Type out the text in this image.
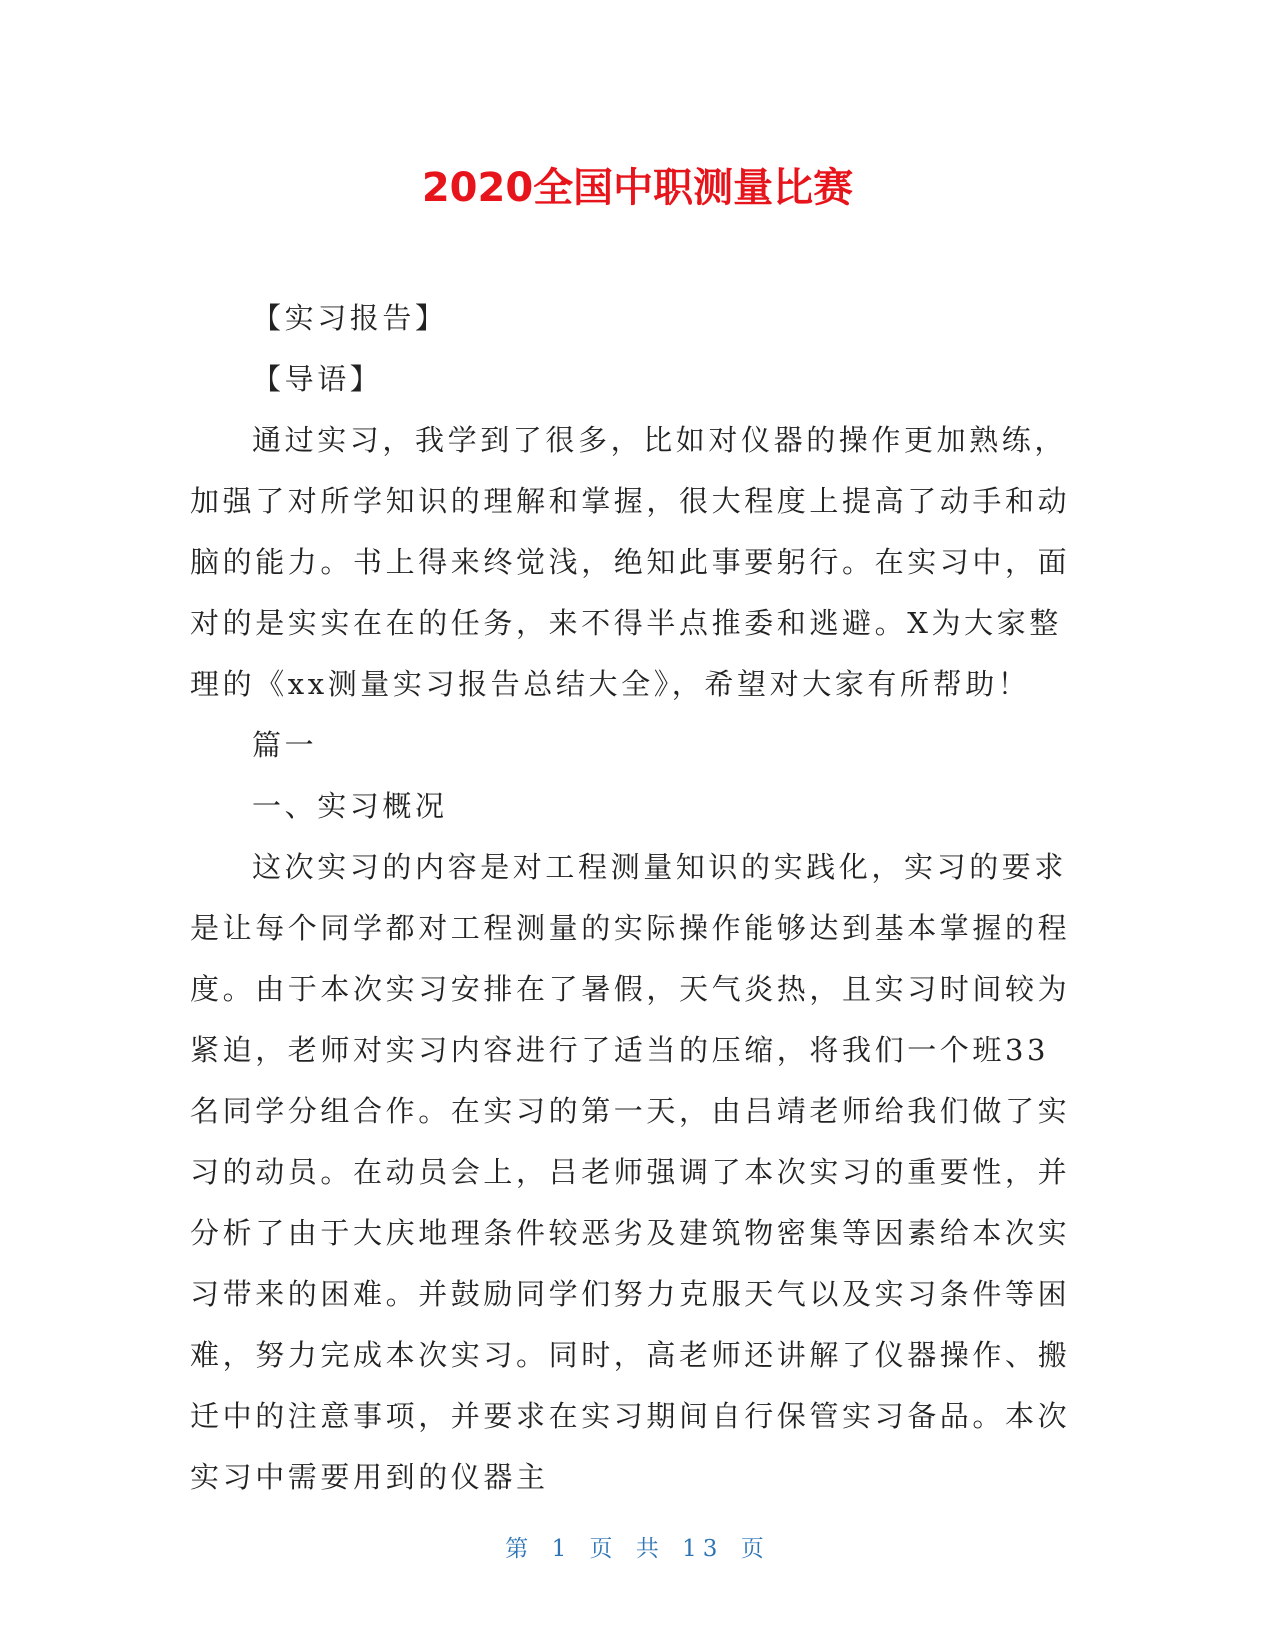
2020全国中职测量比赛

【实习报告】

【导语】

通过实习，我学到了很多，比如对仪器的操作更加熟练，加强了对所学知识的理解和掌握，很大程度上提高了动手和动脑的能力。书上得来终觉浅，绝知此事要躬行。在实习中，面对的是实实在在的任务，来不得半点推委和逃避。X为大家整理的《xx测量实习报告总结大全》，希望对大家有所帮助！

篇一

一、实习概况

这次实习的内容是对工程测量知识的实践化，实习的要求是让每个同学都对工程测量的实际操作能够达到基本掌握的程度。由于本次实习安排在了暑假，天气炎热，且实习时间较为紧迫，老师对实习内容进行了适当的压缩，将我们一个班33名同学分组合作。在实习的第一天，由吕靖老师给我们做了实习的动员。在动员会上，吕老师强调了本次实习的重要性，并分析了由于大庆地理条件较恶劣及建筑物密集等因素给本次实习带来的困难。并鼓励同学们努力克服天气以及实习条件等困难，努力完成本次实习。同时，高老师还讲解了仪器操作、搬迁中的注意事项，并要求在实习期间自行保管实习备品。本次实习中需要用到的仪器主

第 1 页 共 13 页
